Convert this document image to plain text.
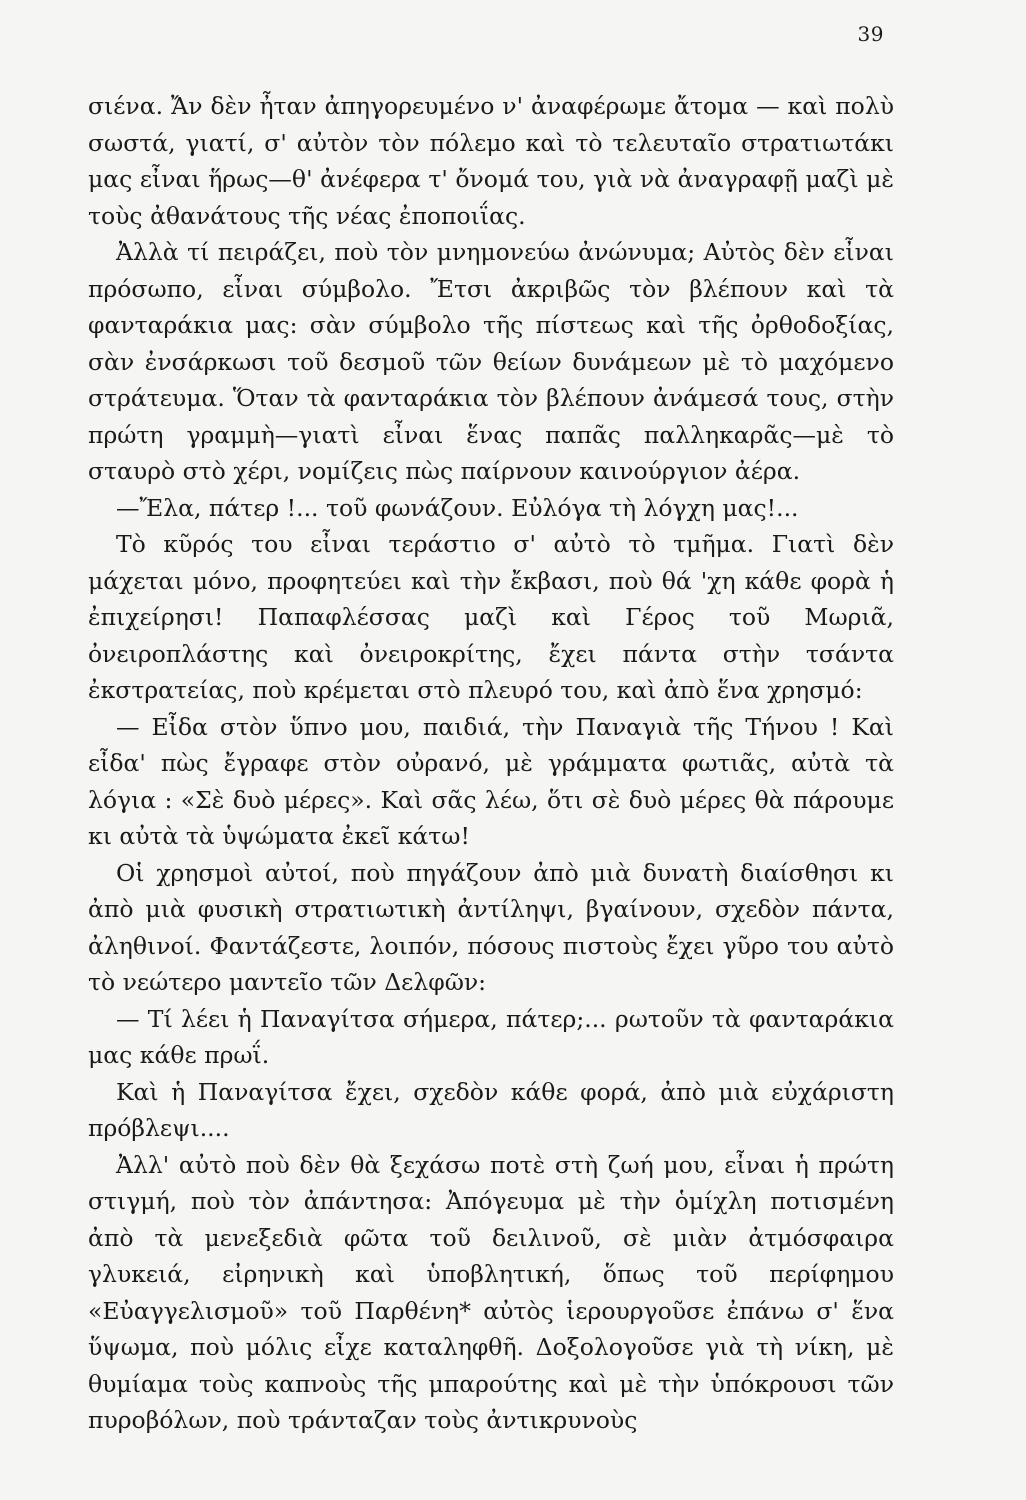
39

σιένα. Ἄν δὲν ἦταν ἀπηγορευμένο ν' ἀναφέρωμε ἄτομα — καὶ πολὺ σωστά, γιατί, σ' αὐτὸν τὸν πόλεμο καὶ τὸ τελευταῖο στρατιωτάκι μας εἶναι ἥρως—θ' ἀνέφερα τ' ὄνομά του, γιὰ νὰ ἀναγραφῇ μαζὶ μὲ τοὺς ἀθανάτους τῆς νέας ἐποποιΐας.

Ἀλλὰ τί πειράζει, ποὺ τὸν μνημονεύω ἀνώνυμα; Αὐτὸς δὲν εἶναι πρόσωπο, εἶναι σύμβολο. Ἔτσι ἀκριβῶς τὸν βλέπουν καὶ τὰ φανταράκια μας: σὰν σύμβολο τῆς πίστεως καὶ τῆς ὀρθοδοξίας, σὰν ἐνσάρκωσι τοῦ δεσμοῦ τῶν θείων δυνάμεων μὲ τὸ μαχόμενο στράτευμα. Ὅταν τὰ φανταράκια τὸν βλέπουν ἀνάμεσά τους, στὴν πρώτη γραμμὴ—γιατὶ εἶναι ἕνας παπᾶς παλληκαρᾶς—μὲ τὸ σταυρὸ στὸ χέρι, νομίζεις πὼς παίρνουν καινούργιον ἀέρα.

—Ἔλα, πάτερ !... τοῦ φωνάζουν. Εὐλόγα τὴ λόγχη μας!...

Τὸ κῦρός του εἶναι τεράστιο σ' αὐτὸ τὸ τμῆμα. Γιατὶ δὲν μάχεται μόνο, προφητεύει καὶ τὴν ἔκβασι, ποὺ θά 'χη κάθε φορὰ ἡ ἐπιχείρησι! Παπαφλέσσας μαζὶ καὶ Γέρος τοῦ Μωριᾶ, ὀνειροπλάστης καὶ ὀνειροκρίτης, ἔχει πάντα στὴν τσάντα ἐκστρατείας, ποὺ κρέμεται στὸ πλευρό του, καὶ ἀπὸ ἕνα χρησμό:

— Εἶδα στὸν ὕπνο μου, παιδιά, τὴν Παναγιὰ τῆς Τήνου ! Καὶ εἶδα' πὼς ἔγραφε στὸν οὐρανό, μὲ γράμματα φωτιᾶς, αὐτὰ τὰ λόγια : «Σὲ δυὸ μέρες». Καὶ σᾶς λέω, ὅτι σὲ δυὸ μέρες θὰ πάρουμε κι αὐτὰ τὰ ὑψώματα ἐκεῖ κάτω!

Οἱ χρησμοὶ αὐτοί, ποὺ πηγάζουν ἀπὸ μιὰ δυνατὴ διαίσθησι κι ἀπὸ μιὰ φυσικὴ στρατιωτικὴ ἀντίληψι, βγαίνουν, σχεδὸν πάντα, ἀληθινοί. Φαντάζεστε, λοιπόν, πόσους πιστοὺς ἔχει γῦρο του αὐτὸ τὸ νεώτερο μαντεῖο τῶν Δελφῶν:

— Τί λέει ἡ Παναγίτσα σήμερα, πάτερ;... ρωτοῦν τὰ φανταράκια μας κάθε πρωΐ.

Καὶ ἡ Παναγίτσα ἔχει, σχεδὸν κάθε φορά, ἀπὸ μιὰ εὐχάριστη πρόβλεψι....

Ἀλλ' αὐτὸ ποὺ δὲν θὰ ξεχάσω ποτὲ στὴ ζωή μου, εἶναι ἡ πρώτη στιγμή, ποὺ τὸν ἀπάντησα: Ἀπόγευμα μὲ τὴν ὁμίχλη ποτισμένη ἀπὸ τὰ μενεξεδιὰ φῶτα τοῦ δειλινοῦ, σὲ μιὰν ἀτμόσφαιρα γλυκειά, εἰρηνικὴ καὶ ὑποβλητική, ὅπως τοῦ περίφημου «Εὐαγγελισμοῦ» τοῦ Παρθένη* αὐτὸς ἱερουργοῦσε ἐπάνω σ' ἕνα ὕψωμα, ποὺ μόλις εἶχε καταληφθῆ. Δοξολογοῦσε γιὰ τὴ νίκη, μὲ θυμίαμα τοὺς καπνοὺς τῆς μπαρούτης καὶ μὲ τὴν ὑπόκρουσι τῶν πυροβόλων, ποὺ τράνταζαν τοὺς ἀντικρυνοὺς
